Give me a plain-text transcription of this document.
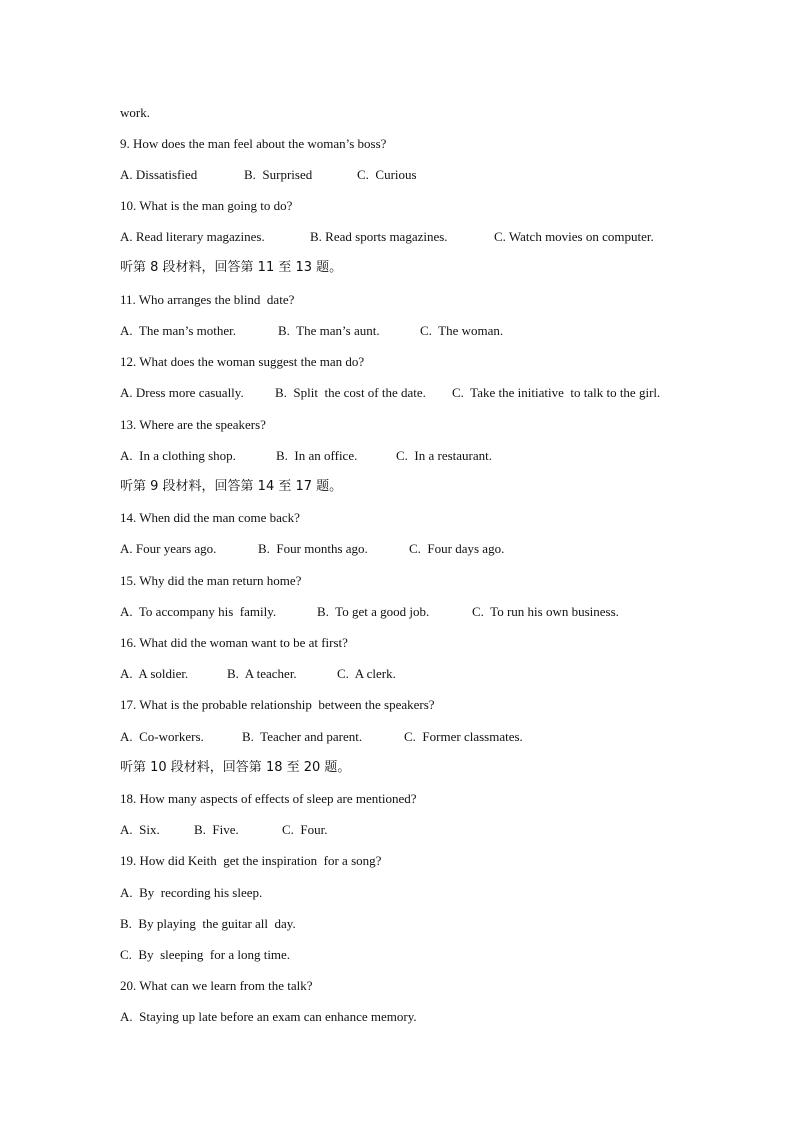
work.
9. How does the man feel about the woman’s boss?
A. Dissatisfied	B.  Surprised	C.  Curious
10. What is the man going to do?
A. Read literary magazines.	B. Read sports magazines.	C. Watch movies on computer.
听第 8 段材料，回答第 11 至 13 题。
11. Who arranges the blind  date?
A.  The man’s mother.	B.  The man’s aunt.	C.  The woman.
12. What does the woman suggest the man do?
A. Dress more casually. B.  Split  the cost of the date. C.  Take the initiative  to talk to the girl.
13. Where are the speakers?
A.  In a clothing shop.	B.  In an office.	C.  In a restaurant.
听第 9 段材料，回答第 14 至 17 题。
14. When did the man come back?
A. Four years ago.	B.  Four months ago.	C.  Four days ago.
15. Why did the man return home?
A.  To accompany his  family.	B.  To get a good job.	C.  To run his own business.
16. What did the woman want to be at first?
A.  A soldier.	B.  A teacher.	C.  A clerk.
17. What is the probable relationship  between the speakers?
A.  Co-workers.	B.  Teacher and parent.	C.  Former classmates.
听第 10 段材料，回答第 18 至 20 题。
18. How many aspects of effects of sleep are mentioned?
A.  Six.	B.  Five.	C.  Four.
19. How did Keith  get the inspiration  for a song?
A.  By  recording his sleep.
B.  By playing  the guitar all  day.
C.  By  sleeping  for a long time.
20. What can we learn from the talk?
A.  Staying up late before an exam can enhance memory.
